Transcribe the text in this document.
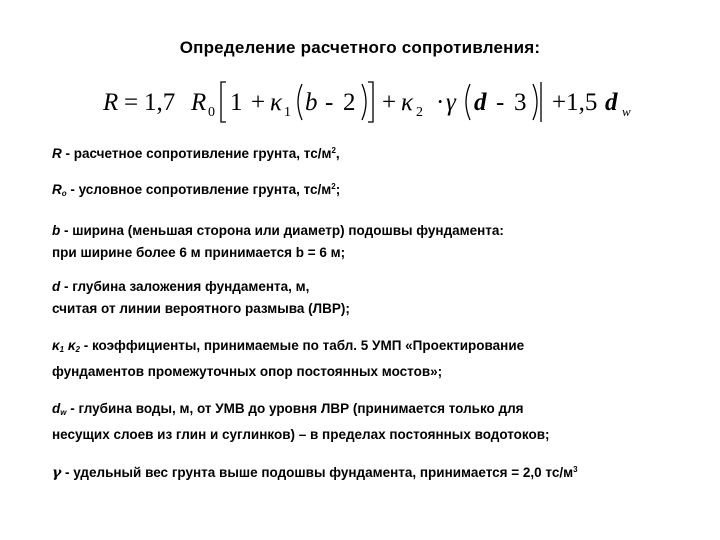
Определение расчетного сопротивления:
R = 1,7 R 0 1 + κ 1 b - 2 + κ 2 · γ d - 3 +1,5 d w
R - расчетное сопротивление грунта, $тс/м^2$,
$R_o$ - условное сопротивление грунта, $тс/м^2$;
b - ширина (меньшая сторона или диаметр) подошвы фундамента:
при ширине более 6 м принимается b = 6 м;
d - глубина заложения фундамента, м,
считая от линии вероятного размыва (ЛВР);
$\kappa_1$ $\kappa_2$ - коэффициенты, принимаемые по табл. 5 УМП «Проектирование
фундаментов промежуточных опор постоянных мостов»;
$d_w$ - глубина воды, м, от УМВ до уровня ЛВР (принимается только для
несущих слоев из глин и суглинков) – в пределах постоянных водотоков;
γ - удельный вес грунта выше подошвы фундамента, принимается = 2,0 $тс/м^3$
